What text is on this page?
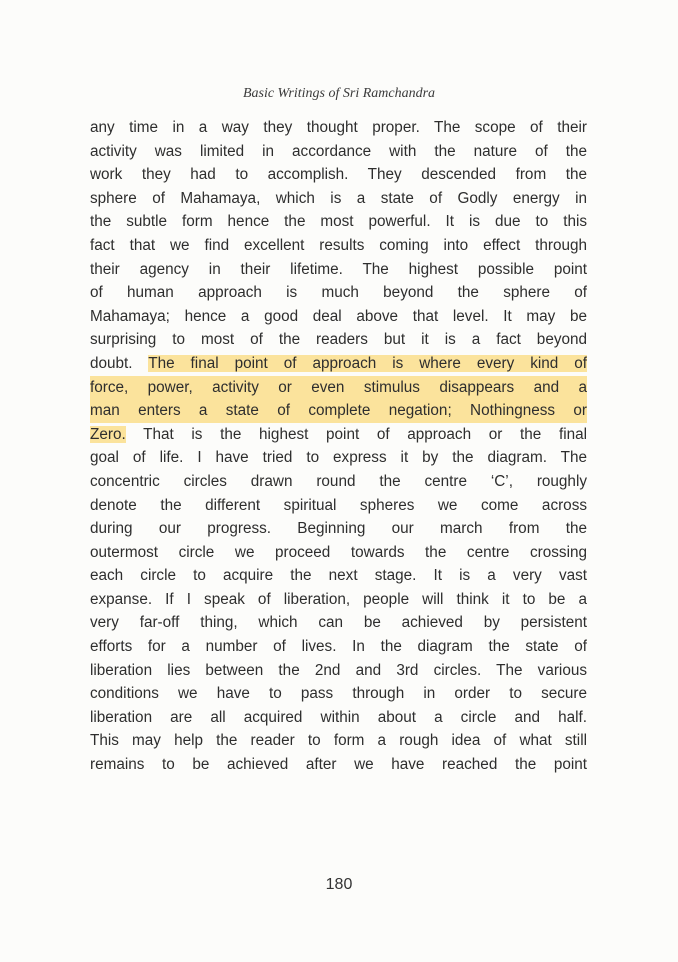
Basic Writings of Sri Ramchandra
any time in a way they thought proper. The scope of their
activity was limited in accordance with the nature of the
work they had to accomplish. They descended from the
sphere of Mahamaya, which is a state of Godly energy in
the subtle form hence the most powerful. It is due to this
fact that we find excellent results coming into effect through
their agency in their lifetime. The highest possible point
of human approach is much beyond the sphere of
Mahamaya; hence a good deal above that level. It may be
surprising to most of the readers but it is a fact beyond
doubt. The final point of approach is where every kind of
force, power, activity or even stimulus disappears and a
man enters a state of complete negation; Nothingness or
Zero. That is the highest point of approach or the final
goal of life. I have tried to express it by the diagram. The
concentric circles drawn round the centre ‘C’, roughly
denote the different spiritual spheres we come across
during our progress. Beginning our march from the
outermost circle we proceed towards the centre crossing
each circle to acquire the next stage. It is a very vast
expanse. If I speak of liberation, people will think it to be a
very far-off thing, which can be achieved by persistent
efforts for a number of lives. In the diagram the state of
liberation lies between the 2nd and 3rd circles. The various
conditions we have to pass through in order to secure
liberation are all acquired within about a circle and half.
This may help the reader to form a rough idea of what still
remains to be achieved after we have reached the point
180
